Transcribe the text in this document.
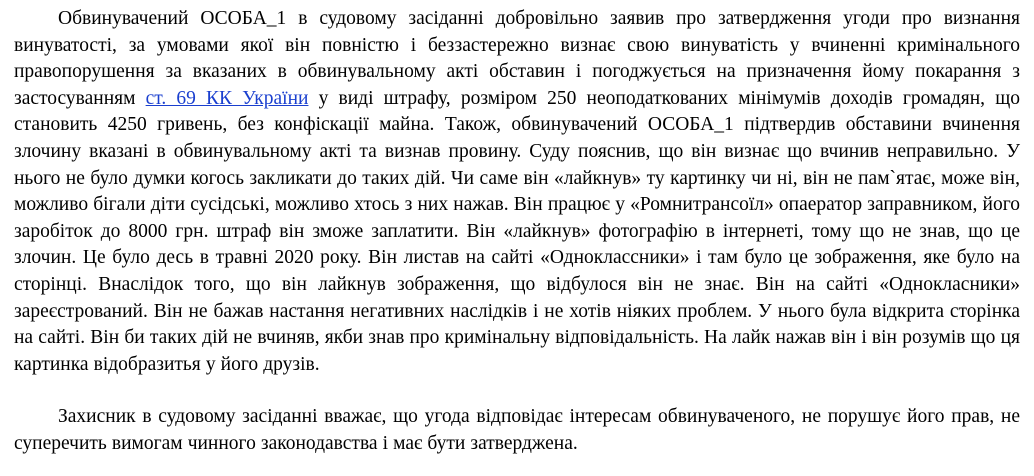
Обвинувачений ОСОБА_1 в судовому засіданні добровільно заявив про затвердження угоди про визнання винуватості, за умовами якої він повністю і беззастережно визнає свою винуватість у вчиненні кримінального правопорушення за вказаних в обвинувальному акті обставин і погоджується на призначення йому покарання з застосуванням ст. 69 КК України у виді штрафу, розміром 250 неоподаткованих мінімумів доходів громадян, що становить 4250 гривень, без конфіскації майна. Також, обвинувачений ОСОБА_1 підтвердив обставини вчинення злочину вказані в обвинувальному акті та визнав провину. Суду пояснив, що він визнає що вчинив неправильно. У нього не було думки когось закликати до таких дій. Чи саме він «лайкнув» ту картинку чи ні, він не пам`ятає, може він, можливо бігали діти сусідські, можливо хтось з них нажав. Він працює у «Ромнитрансоїл» опаератор заправником, його заробіток до 8000 грн. штраф він зможе заплатити. Він «лайкнув» фотографію в інтернеті, тому що не знав, що це злочин. Це було десь в травні 2020 року. Він листав на сайті «Однокласcники» і там було це зображення, яке було на сторінці. Внаслідок того, що він лайкнув зображення, що відбулося він не знає. Він на сайті «Одноклаcники» зареєстрований. Він не бажав настання негативних наслідків і не хотів ніяких проблем. У нього була відкрита сторінка на сайті. Він би таких дій не вчиняв, якби знав про кримінальну відповідальність. На лайк нажав він і він розумів що ця картинка відобразитья у його друзів.
Захисник в судовому засіданні вважає, що угода відповідає інтересам обвинуваченого, не порушує його прав, не суперечить вимогам чинного законодавства і має бути затверджена.
